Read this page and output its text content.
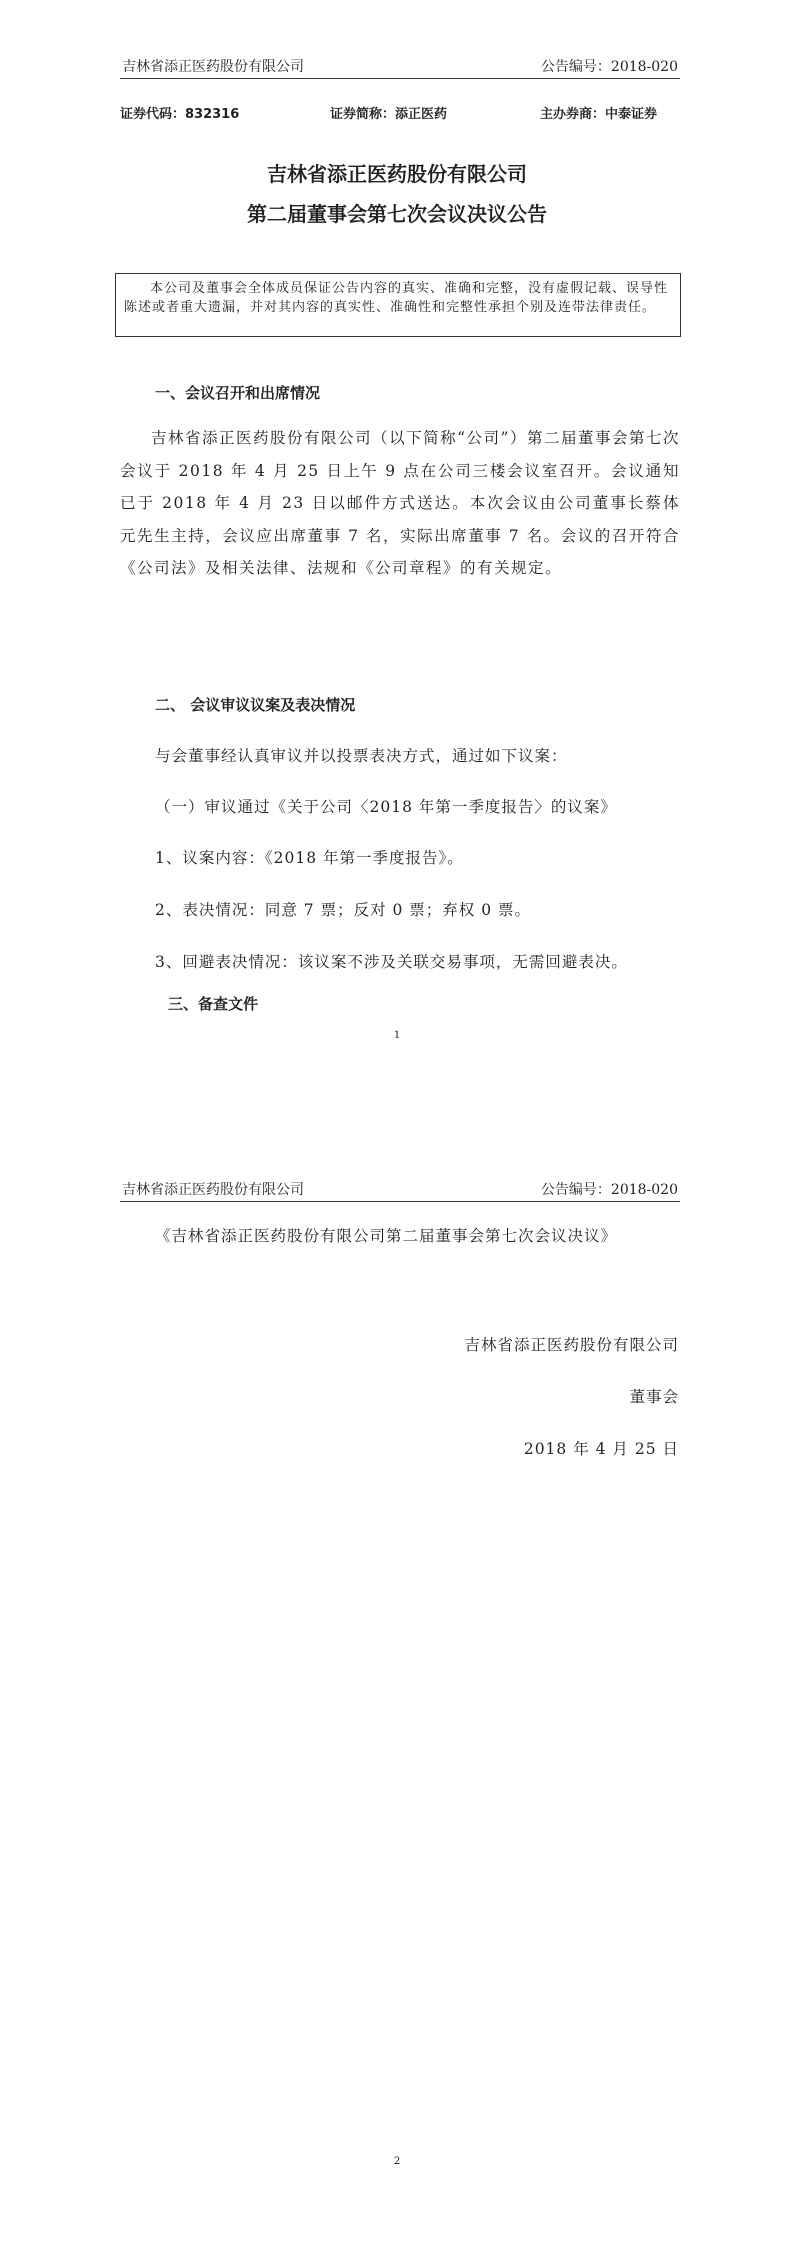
吉林省添正医药股份有限公司	公告编号：2018-020
证券代码：832316	证券简称：添正医药	主办券商：中泰证券
吉林省添正医药股份有限公司
第二届董事会第七次会议决议公告

本公司及董事会全体成员保证公告内容的真实、准确和完整，没有虚假记载、误导性陈述或者重大遗漏，并对其内容的真实性、准确性和完整性承担个别及连带法律责任。

一、会议召开和出席情况

吉林省添正医药股份有限公司（以下简称“公司”）第二届董事会第七次会议于 2018 年 4 月 25 日上午 9 点在公司三楼会议室召开。会议通知已于 2018 年 4 月 23 日以邮件方式送达。本次会议由公司董事长蔡体元先生主持，会议应出席董事 7 名，实际出席董事 7 名。会议的召开符合《公司法》及相关法律、法规和《公司章程》的有关规定。

二、 会议审议议案及表决情况
与会董事经认真审议并以投票表决方式，通过如下议案：
（一）审议通过《关于公司〈2018 年第一季度报告〉的议案》
1、议案内容：《2018 年第一季度报告》。
2、表决情况：同意 7 票；反对 0 票；弃权 0 票。
3、回避表决情况：该议案不涉及关联交易事项，无需回避表决。
三、备查文件
1
吉林省添正医药股份有限公司	公告编号：2018-020
《吉林省添正医药股份有限公司第二届董事会第七次会议决议》
吉林省添正医药股份有限公司
董事会
2018 年 4 月 25 日
2
